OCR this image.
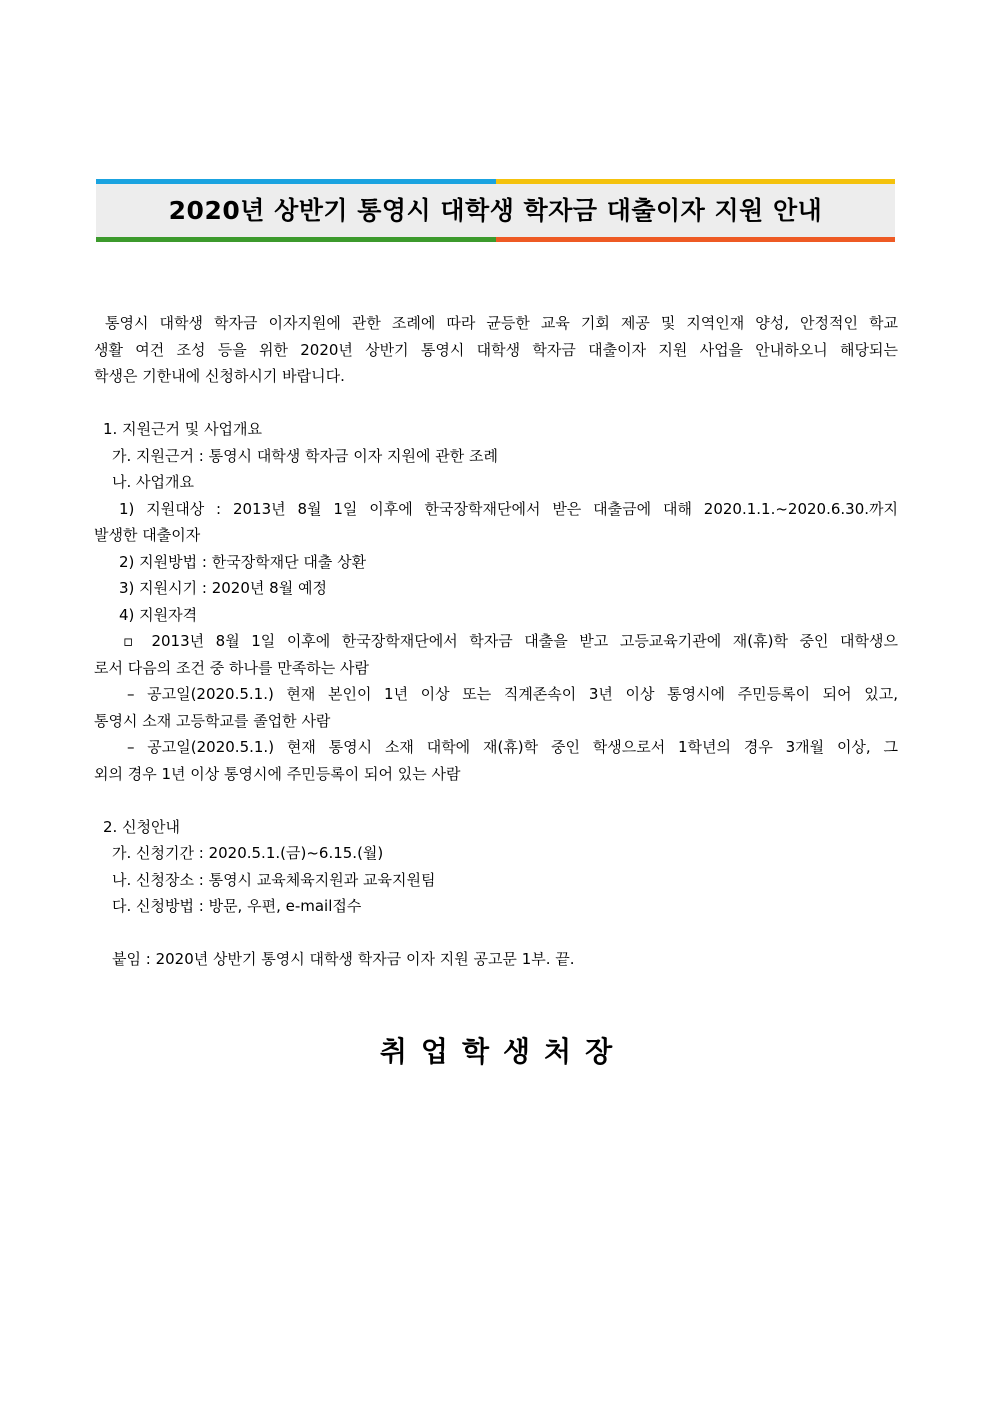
2020년 상반기 통영시 대학생 학자금 대출이자 지원 안내
통영시 대학생 학자금 이자지원에 관한 조례에 따라 균등한 교육 기회 제공 및 지역인재 양성, 안정적인 학교
생활 여건 조성 등을 위한 2020년 상반기 통영시 대학생 학자금 대출이자 지원 사업을 안내하오니 해당되는
학생은 기한내에 신청하시기 바랍니다.
1. 지원근거 및 사업개요
가. 지원근거 : 통영시 대학생 학자금 이자 지원에 관한 조례
나. 사업개요
1) 지원대상 : 2013년 8월 1일 이후에 한국장학재단에서 받은 대출금에 대해 2020.1.1.~2020.6.30.까지
발생한 대출이자
2) 지원방법 : 한국장학재단 대출 상환
3) 지원시기 : 2020년 8월 예정
4) 지원자격
▫ 2013년 8월 1일 이후에 한국장학재단에서 학자금 대출을 받고 고등교육기관에 재(휴)학 중인 대학생으
로서 다음의 조건 중 하나를 만족하는 사람
– 공고일(2020.5.1.) 현재 본인이 1년 이상 또는 직계존속이 3년 이상 통영시에 주민등록이 되어 있고,
통영시 소재 고등학교를 졸업한 사람
– 공고일(2020.5.1.) 현재 통영시 소재 대학에 재(휴)학 중인 학생으로서 1학년의 경우 3개월 이상, 그
외의 경우 1년 이상 통영시에 주민등록이 되어 있는 사람
2. 신청안내
가. 신청기간 : 2020.5.1.(금)~6.15.(월)
나. 신청장소 : 통영시 교육체육지원과 교육지원팀
다. 신청방법 : 방문, 우편, e-mail접수
붙임 : 2020년 상반기 통영시 대학생 학자금 이자 지원 공고문 1부. 끝.
취업학생처장
